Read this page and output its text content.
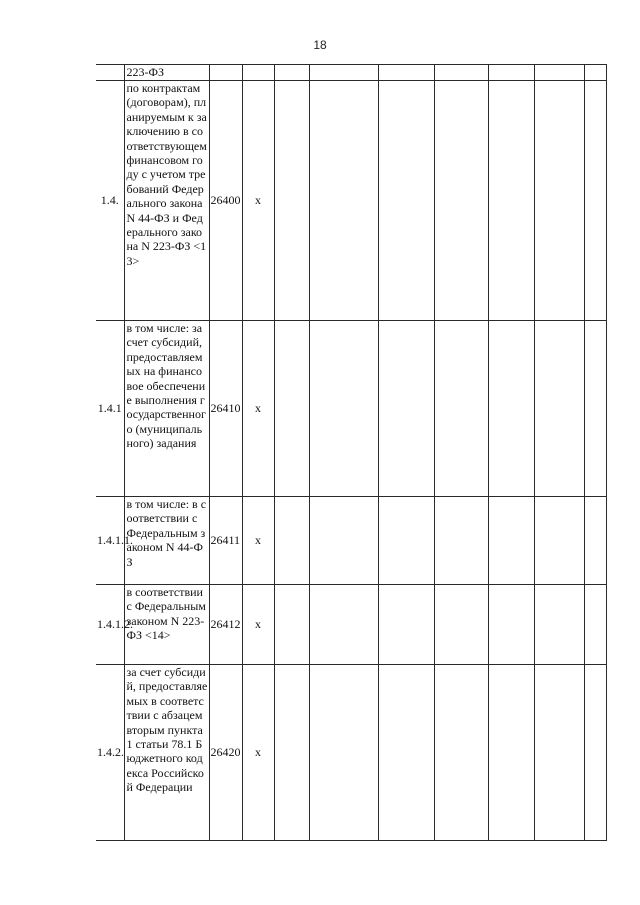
18
	223-ФЗ									
1.4.	по контрактам (договорам), планируемым к заключению в соответствующем финансовом году с учетом требований Федерального закона N 44-ФЗ и Федерального закона N 223-ФЗ <13>	26400	х							
1.4.1	в том числе: за счет субсидий, предоставляемых на финансовое обеспечение выполнения государственного (муниципального) задания	26410	х							
1.4.1.1.	в том числе: в соответствии с Федеральным законом N 44-ФЗ	26411	х							
1.4.1.2.	в соответствии с Федеральным законом N 223-ФЗ <14>	26412	х							
1.4.2.	за счет субсидий, предоставляемых в соответствии с абзацем вторым пункта 1 статьи 78.1 Бюджетного кодекса Российской Федерации	26420	х							
